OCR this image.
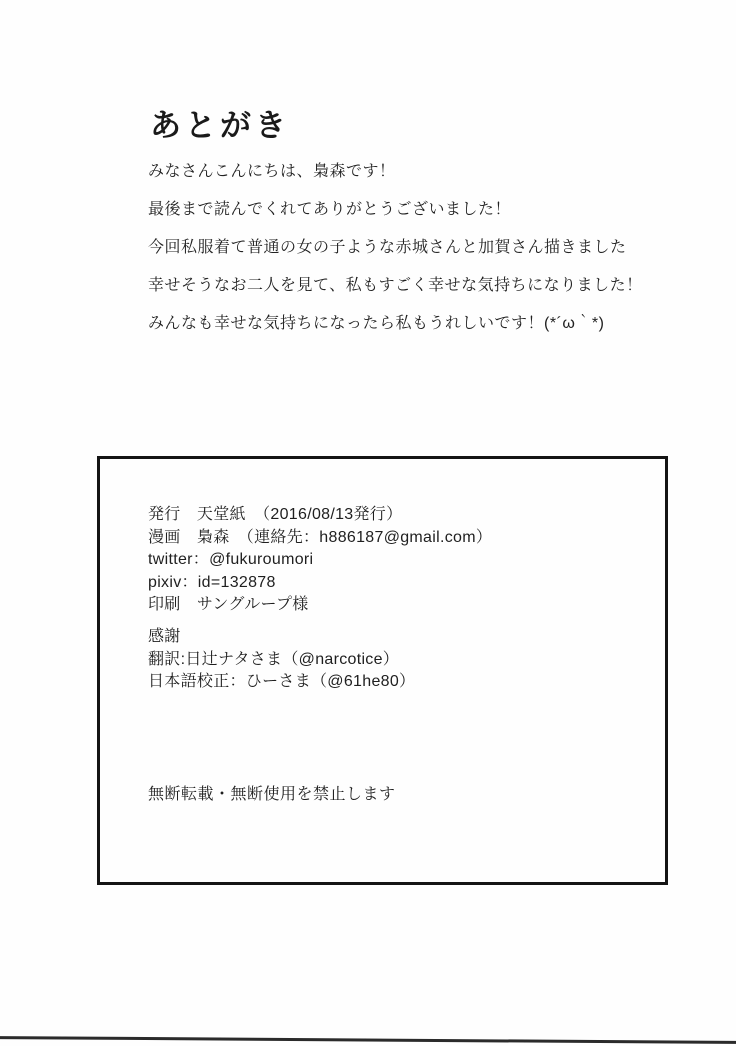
あとがき
みなさんこんにちは、梟森です！
最後まで読んでくれてありがとうございました！
今回私服着て普通の女の子ような赤城さんと加賀さん描きました
幸せそうなお二人を見て、私もすごく幸せな気持ちになりました！
みんなも幸せな気持ちになったら私もうれしいです！(*´ω｀*)
発行　天堂紙　（2016/08/13発行）
漫画　梟森　（連絡先：h886187@gmail.com）
twitter：@fukuroumori
pixiv：id=132878
印刷　サングループ様
感謝
翻訳:日辻ナタさま（@narcotice）
日本語校正：ひーさま（@61he80）
無断転載・無断使用を禁止します
